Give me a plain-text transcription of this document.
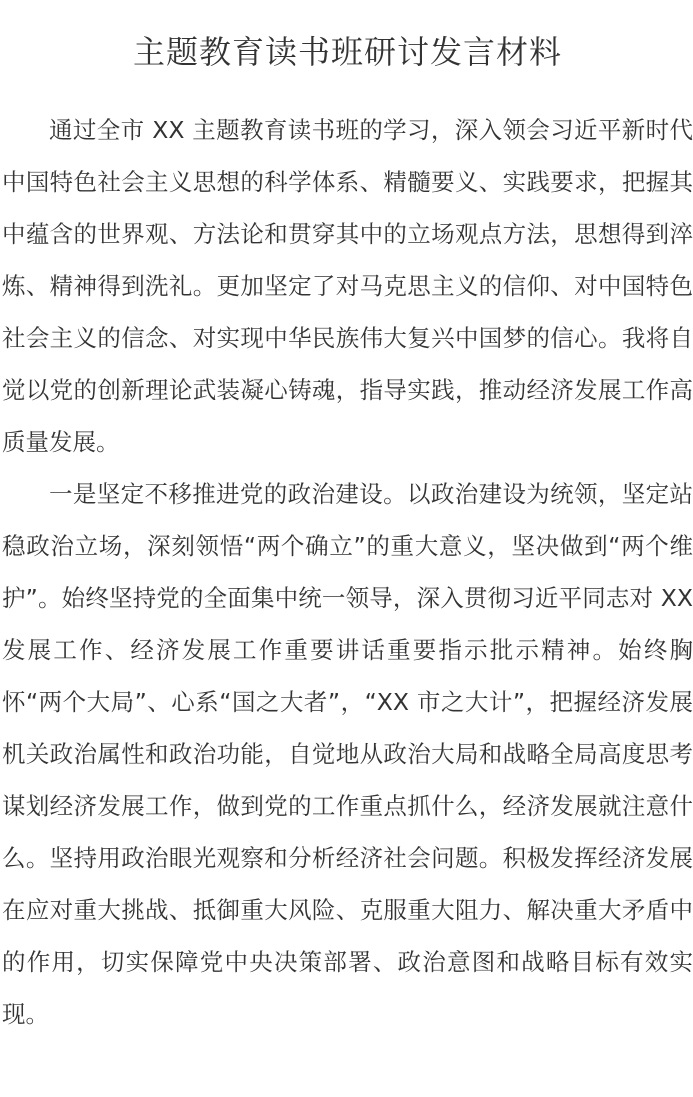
主题教育读书班研讨发言材料

通过全市 XX 主题教育读书班的学习，深入领会习近平新时代中国特色社会主义思想的科学体系、精髓要义、实践要求，把握其中蕴含的世界观、方法论和贯穿其中的立场观点方法，思想得到淬炼、精神得到洗礼。更加坚定了对马克思主义的信仰、对中国特色社会主义的信念、对实现中华民族伟大复兴中国梦的信心。我将自觉以党的创新理论武装凝心铸魂，指导实践，推动经济发展工作高质量发展。

一是坚定不移推进党的政治建设。以政治建设为统领，坚定站稳政治立场，深刻领悟“两个确立”的重大意义，坚决做到“两个维护”。始终坚持党的全面集中统一领导，深入贯彻习近平同志对 XX 发展工作、经济发展工作重要讲话重要指示批示精神。始终胸怀“两个大局”、心系“国之大者”，“XX 市之大计”，把握经济发展机关政治属性和政治功能，自觉地从政治大局和战略全局高度思考谋划经济发展工作，做到党的工作重点抓什么，经济发展就注意什么。坚持用政治眼光观察和分析经济社会问题。积极发挥经济发展在应对重大挑战、抵御重大风险、克服重大阻力、解决重大矛盾中的作用，切实保障党中央决策部署、政治意图和战略目标有效实现。
